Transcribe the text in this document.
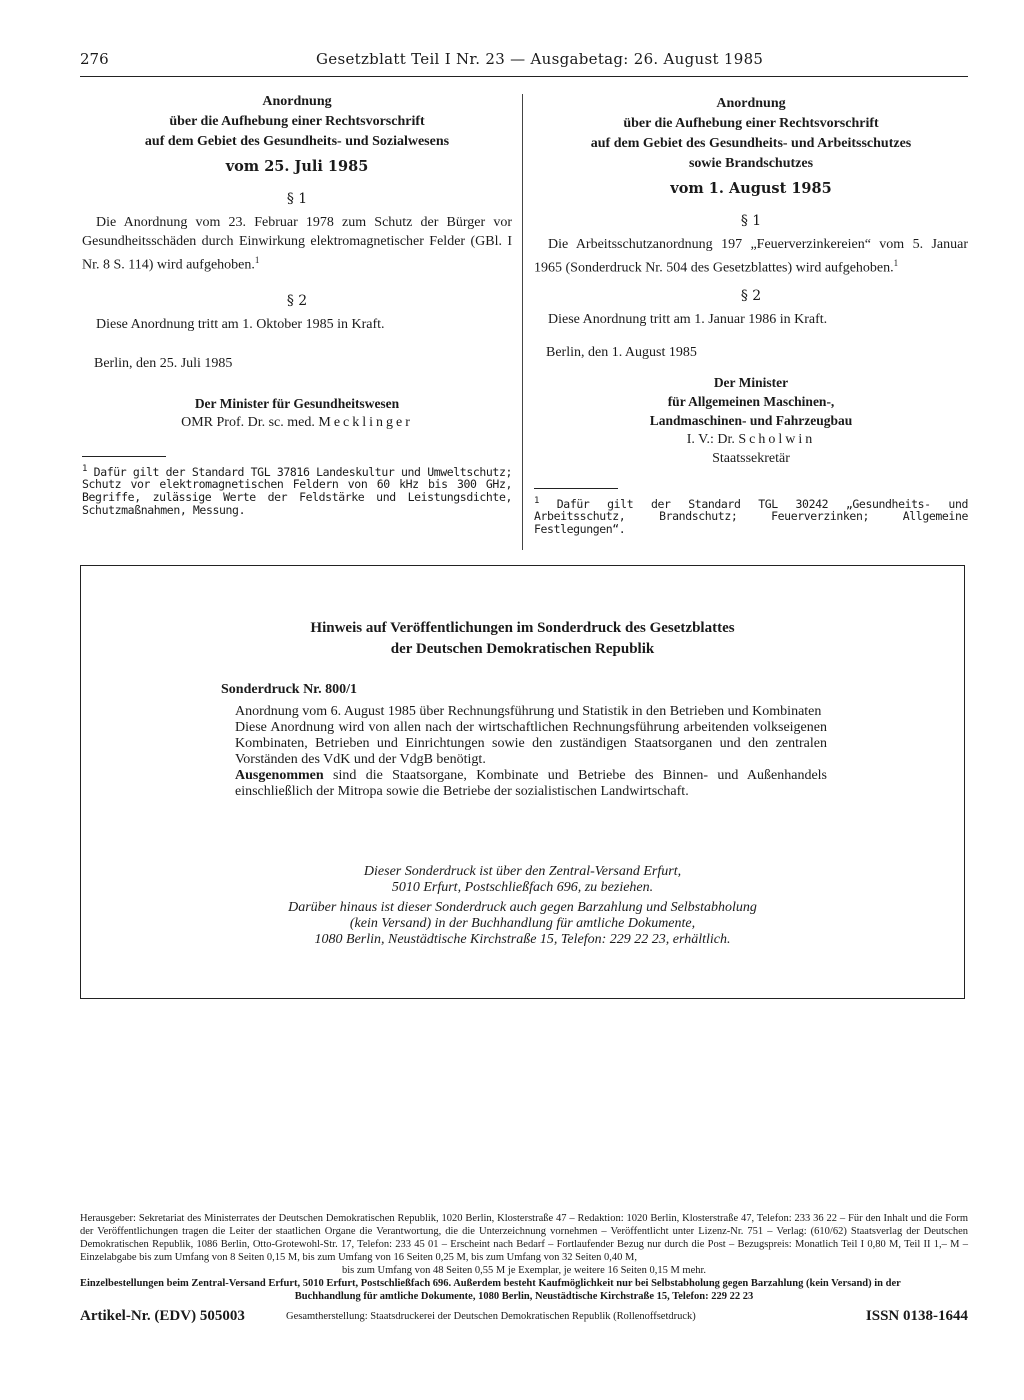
276	Gesetzblatt Teil I Nr. 23 — Ausgabetag: 26. August 1985
Anordnung
über die Aufhebung einer Rechtsvorschrift
auf dem Gebiet des Gesundheits- und Sozialwesens
vom 25. Juli 1985
§ 1
Die Anordnung vom 23. Februar 1978 zum Schutz der Bürger vor Gesundheitsschäden durch Einwirkung elektromagnetischer Felder (GBl. I Nr. 8 S. 114) wird aufgehoben.$^1$
§ 2
Diese Anordnung tritt am 1. Oktober 1985 in Kraft.
Berlin, den 25. Juli 1985
Der Minister für Gesundheitswesen
OMR Prof. Dr. sc. med. Mecklinger
$^1$ Dafür gilt der Standard TGL 37816 Landeskultur und Umweltschutz; Schutz vor elektromagnetischen Feldern von 60 kHz bis 300 GHz, Begriffe, zulässige Werte der Feldstärke und Leistungsdichte, Schutzmaßnahmen, Messung.
Anordnung
über die Aufhebung einer Rechtsvorschrift
auf dem Gebiet des Gesundheits- und Arbeitsschutzes
sowie Brandschutzes
vom 1. August 1985
§ 1
Die Arbeitsschutzanordnung 197 „Feuerverzinkereien“ vom 5. Januar 1965 (Sonderdruck Nr. 504 des Gesetzblattes) wird aufgehoben.$^1$
§ 2
Diese Anordnung tritt am 1. Januar 1986 in Kraft.
Berlin, den 1. August 1985
Der Minister
für Allgemeinen Maschinen-,
Landmaschinen- und Fahrzeugbau
I. V.: Dr. Scholwin
Staatssekretär
$^1$ Dafür gilt der Standard TGL 30242 „Gesundheits- und Arbeitsschutz, Brandschutz; Feuerverzinken; Allgemeine Festlegungen“.
Hinweis auf Veröffentlichungen im Sonderdruck des Gesetzblattes
der Deutschen Demokratischen Republik
Sonderdruck Nr. 800/1

Anordnung vom 6. August 1985 über Rechnungsführung und Statistik in den Betrieben und Kombinaten

Diese Anordnung wird von allen nach der wirtschaftlichen Rechnungsführung arbeitenden volkseigenen Kombinaten, Betrieben und Einrichtungen sowie den zuständigen Staatsorganen und den zentralen Vorständen des VdK und der VdgB benötigt.

Ausgenommen sind die Staatsorgane, Kombinate und Betriebe des Binnen- und Außenhandels einschließlich der Mitropa sowie die Betriebe der sozialistischen Landwirtschaft.

Dieser Sonderdruck ist über den Zentral-Versand Erfurt,
5010 Erfurt, Postschließfach 696, zu beziehen.

Darüber hinaus ist dieser Sonderdruck auch gegen Barzahlung und Selbstabholung
(kein Versand) in der Buchhandlung für amtliche Dokumente,
1080 Berlin, Neustädtische Kirchstraße 15, Telefon: 229 22 23, erhältlich.

Herausgeber: Sekretariat des Ministerrates der Deutschen Demokratischen Republik, 1020 Berlin, Klosterstraße 47 – Redaktion: 1020 Berlin, Klosterstraße 47, Telefon: 233 36 22 – Für den Inhalt und die Form der Veröffentlichungen tragen die Leiter der staatlichen Organe die Verantwortung, die die Unterzeichnung vornehmen – Veröffentlicht unter Lizenz-Nr. 751 – Verlag: (610/62) Staatsverlag der Deutschen Demokratischen Republik, 1086 Berlin, Otto-Grotewohl-Str. 17, Telefon: 233 45 01 – Erscheint nach Bedarf – Fortlaufender Bezug nur durch die Post – Bezugspreis: Monatlich Teil I 0,80 M, Teil II 1,– M – Einzelabgabe bis zum Umfang von 8 Seiten 0,15 M, bis zum Umfang von 16 Seiten 0,25 M, bis zum Umfang von 32 Seiten 0,40 M,

bis zum Umfang von 48 Seiten 0,55 M je Exemplar, je weitere 16 Seiten 0,15 M mehr.

Einzelbestellungen beim Zentral-Versand Erfurt, 5010 Erfurt, Postschließfach 696. Außerdem besteht Kaufmöglichkeit nur bei Selbstabholung gegen Barzahlung (kein Versand) in der

Buchhandlung für amtliche Dokumente, 1080 Berlin, Neustädtische Kirchstraße 15, Telefon: 229 22 23

Artikel-Nr. (EDV) 505003	Gesamtherstellung: Staatsdruckerei der Deutschen Demokratischen Republik (Rollenoffsetdruck)	ISSN 0138-1644
